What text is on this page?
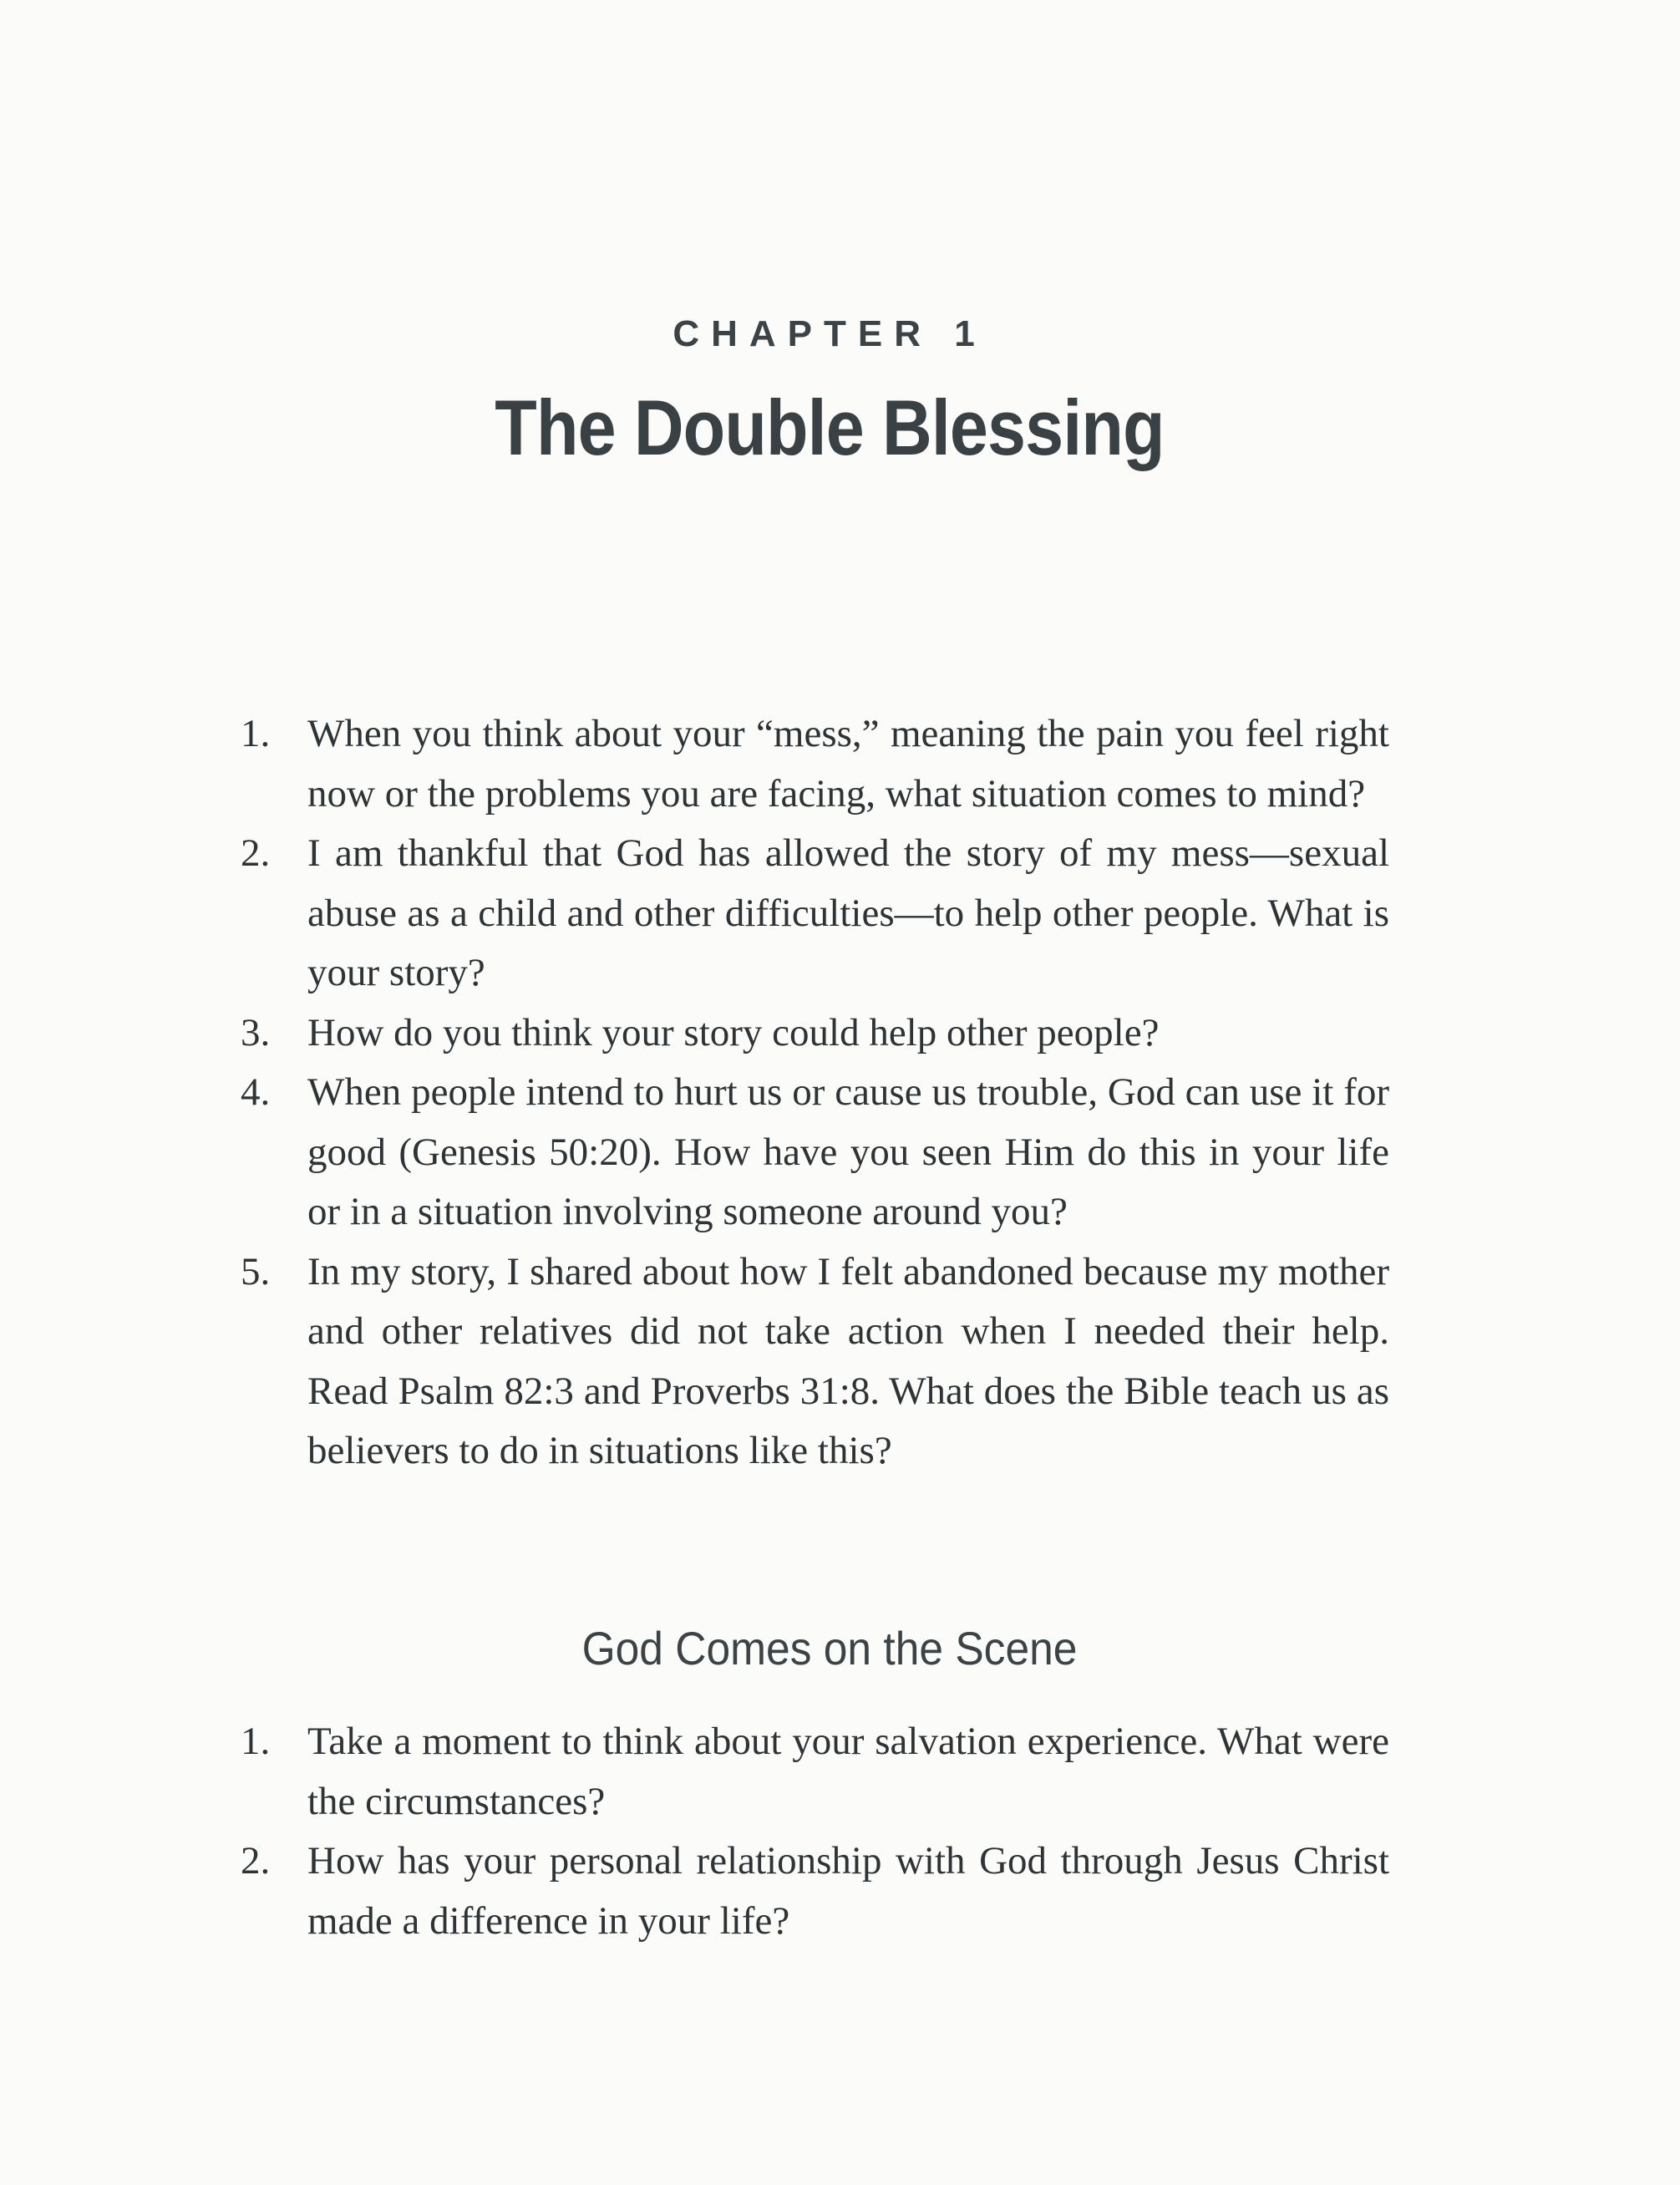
CHAPTER 1
The Double Blessing
1. When you think about your “mess,” meaning the pain you feel right now or the problems you are facing, what situation comes to mind?
2. I am thankful that God has allowed the story of my mess—sexual abuse as a child and other difficulties—to help other people. What is your story?
3. How do you think your story could help other people?
4. When people intend to hurt us or cause us trouble, God can use it for good (Genesis 50:20). How have you seen Him do this in your life or in a situation involving someone around you?
5. In my story, I shared about how I felt abandoned because my mother and other relatives did not take action when I needed their help. Read Psalm 82:3 and Proverbs 31:8. What does the Bible teach us as believers to do in situations like this?
God Comes on the Scene
1. Take a moment to think about your salvation experience. What were the circumstances?
2. How has your personal relationship with God through Jesus Christ made a difference in your life?
